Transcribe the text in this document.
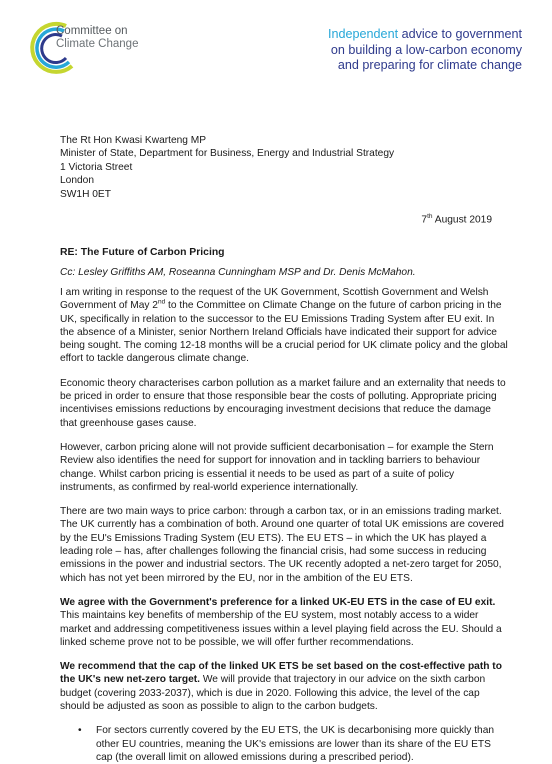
Committee on
Climate Change
Independent advice to government
on building a low-carbon economy
and preparing for climate change
The Rt Hon Kwasi Kwarteng MP
Minister of State, Department for Business, Energy and Industrial Strategy
1 Victoria Street
London
SW1H 0ET
7th August 2019
RE: The Future of Carbon Pricing
Cc: Lesley Griffiths AM, Roseanna Cunningham MSP and Dr. Denis McMahon.

I am writing in response to the request of the UK Government, Scottish Government and Welsh Government of May 2nd to the Committee on Climate Change on the future of carbon pricing in the UK, specifically in relation to the successor to the EU Emissions Trading System after EU exit. In the absence of a Minister, senior Northern Ireland Officials have indicated their support for advice being sought. The coming 12-18 months will be a crucial period for UK climate policy and the global effort to tackle dangerous climate change.

Economic theory characterises carbon pollution as a market failure and an externality that needs to be priced in order to ensure that those responsible bear the costs of polluting. Appropriate pricing incentivises emissions reductions by encouraging investment decisions that reduce the damage that greenhouse gases cause.

However, carbon pricing alone will not provide sufficient decarbonisation – for example the Stern Review also identifies the need for support for innovation and in tackling barriers to behaviour change. Whilst carbon pricing is essential it needs to be used as part of a suite of policy instruments, as confirmed by real-world experience internationally.

There are two main ways to price carbon: through a carbon tax, or in an emissions trading market. The UK currently has a combination of both. Around one quarter of total UK emissions are covered by the EU's Emissions Trading System (EU ETS). The EU ETS – in which the UK has played a leading role – has, after challenges following the financial crisis, had some success in reducing emissions in the power and industrial sectors. The UK recently adopted a net-zero target for 2050, which has not yet been mirrored by the EU, nor in the ambition of the EU ETS.

We agree with the Government's preference for a linked UK-EU ETS in the case of EU exit. This maintains key benefits of membership of the EU system, most notably access to a wider market and addressing competitiveness issues within a level playing field across the EU. Should a linked scheme prove not to be possible, we will offer further recommendations.

We recommend that the cap of the linked UK ETS be set based on the cost-effective path to the UK's new net-zero target. We will provide that trajectory in our advice on the sixth carbon budget (covering 2033-2037), which is due in 2020. Following this advice, the level of the cap should be adjusted as soon as possible to align to the carbon budgets.

•	For sectors currently covered by the EU ETS, the UK is decarbonising more quickly than other EU countries, meaning the UK's emissions are lower than its share of the EU ETS cap (the overall limit on allowed emissions during a prescribed period).
